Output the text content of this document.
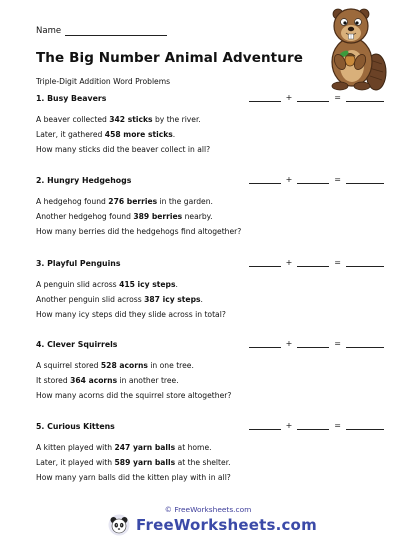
Name
The Big Number Animal Adventure
Triple-Digit Addition Word Problems
1. Busy Beavers	+	=
A beaver collected 342 sticks by the river.
Later, it gathered 458 more sticks.
How many sticks did the beaver collect in all?
2. Hungry Hedgehogs	+	=
A hedgehog found 276 berries in the garden.
Another hedgehog found 389 berries nearby.
How many berries did the hedgehogs find altogether?
3. Playful Penguins	+	=
A penguin slid across 415 icy steps.
Another penguin slid across 387 icy steps.
How many icy steps did they slide across in total?
4. Clever Squirrels	+	=
A squirrel stored 528 acorns in one tree.
It stored 364 acorns in another tree.
How many acorns did the squirrel store altogether?
5. Curious Kittens	+	=
A kitten played with 247 yarn balls at home.
Later, it played with 589 yarn balls at the shelter.
How many yarn balls did the kitten play with in all?
© FreeWorksheets.com
FreeWorksheets.com
